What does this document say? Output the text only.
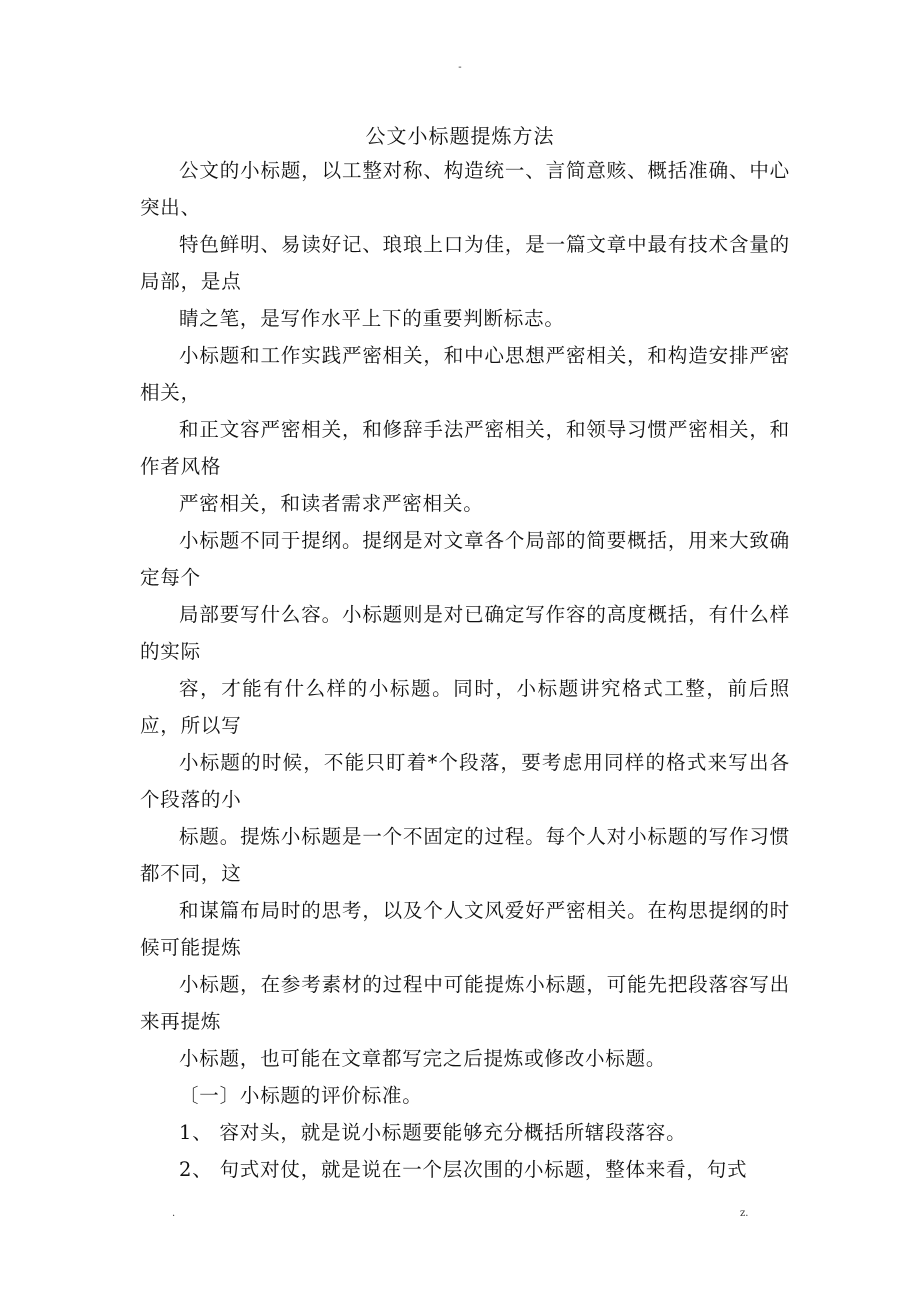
-
公文小标题提炼方法

公文的小标题，以工整对称、构造统一、言简意赅、概括准确、中心突出、

特色鲜明、易读好记、琅琅上口为佳，是一篇文章中最有技术含量的局部，是点

睛之笔，是写作水平上下的重要判断标志。

小标题和工作实践严密相关，和中心思想严密相关，和构造安排严密相关，

和正文容严密相关，和修辞手法严密相关，和领导习惯严密相关，和作者风格

严密相关，和读者需求严密相关。

小标题不同于提纲。提纲是对文章各个局部的简要概括，用来大致确定每个

局部要写什么容。小标题则是对已确定写作容的高度概括，有什么样的实际

容，才能有什么样的小标题。同时，小标题讲究格式工整，前后照应，所以写

小标题的时候，不能只盯着*个段落，要考虑用同样的格式来写出各个段落的小

标题。提炼小标题是一个不固定的过程。每个人对小标题的写作习惯都不同，这

和谋篇布局时的思考，以及个人文风爱好严密相关。在构思提纲的时候可能提炼

小标题，在参考素材的过程中可能提炼小标题，可能先把段落容写出来再提炼

小标题，也可能在文章都写完之后提炼或修改小标题。

〔一〕小标题的评价标准。

1、 容对头，就是说小标题要能够充分概括所辖段落容。

2、 句式对仗，就是说在一个层次围的小标题，整体来看，句式

.	z.
